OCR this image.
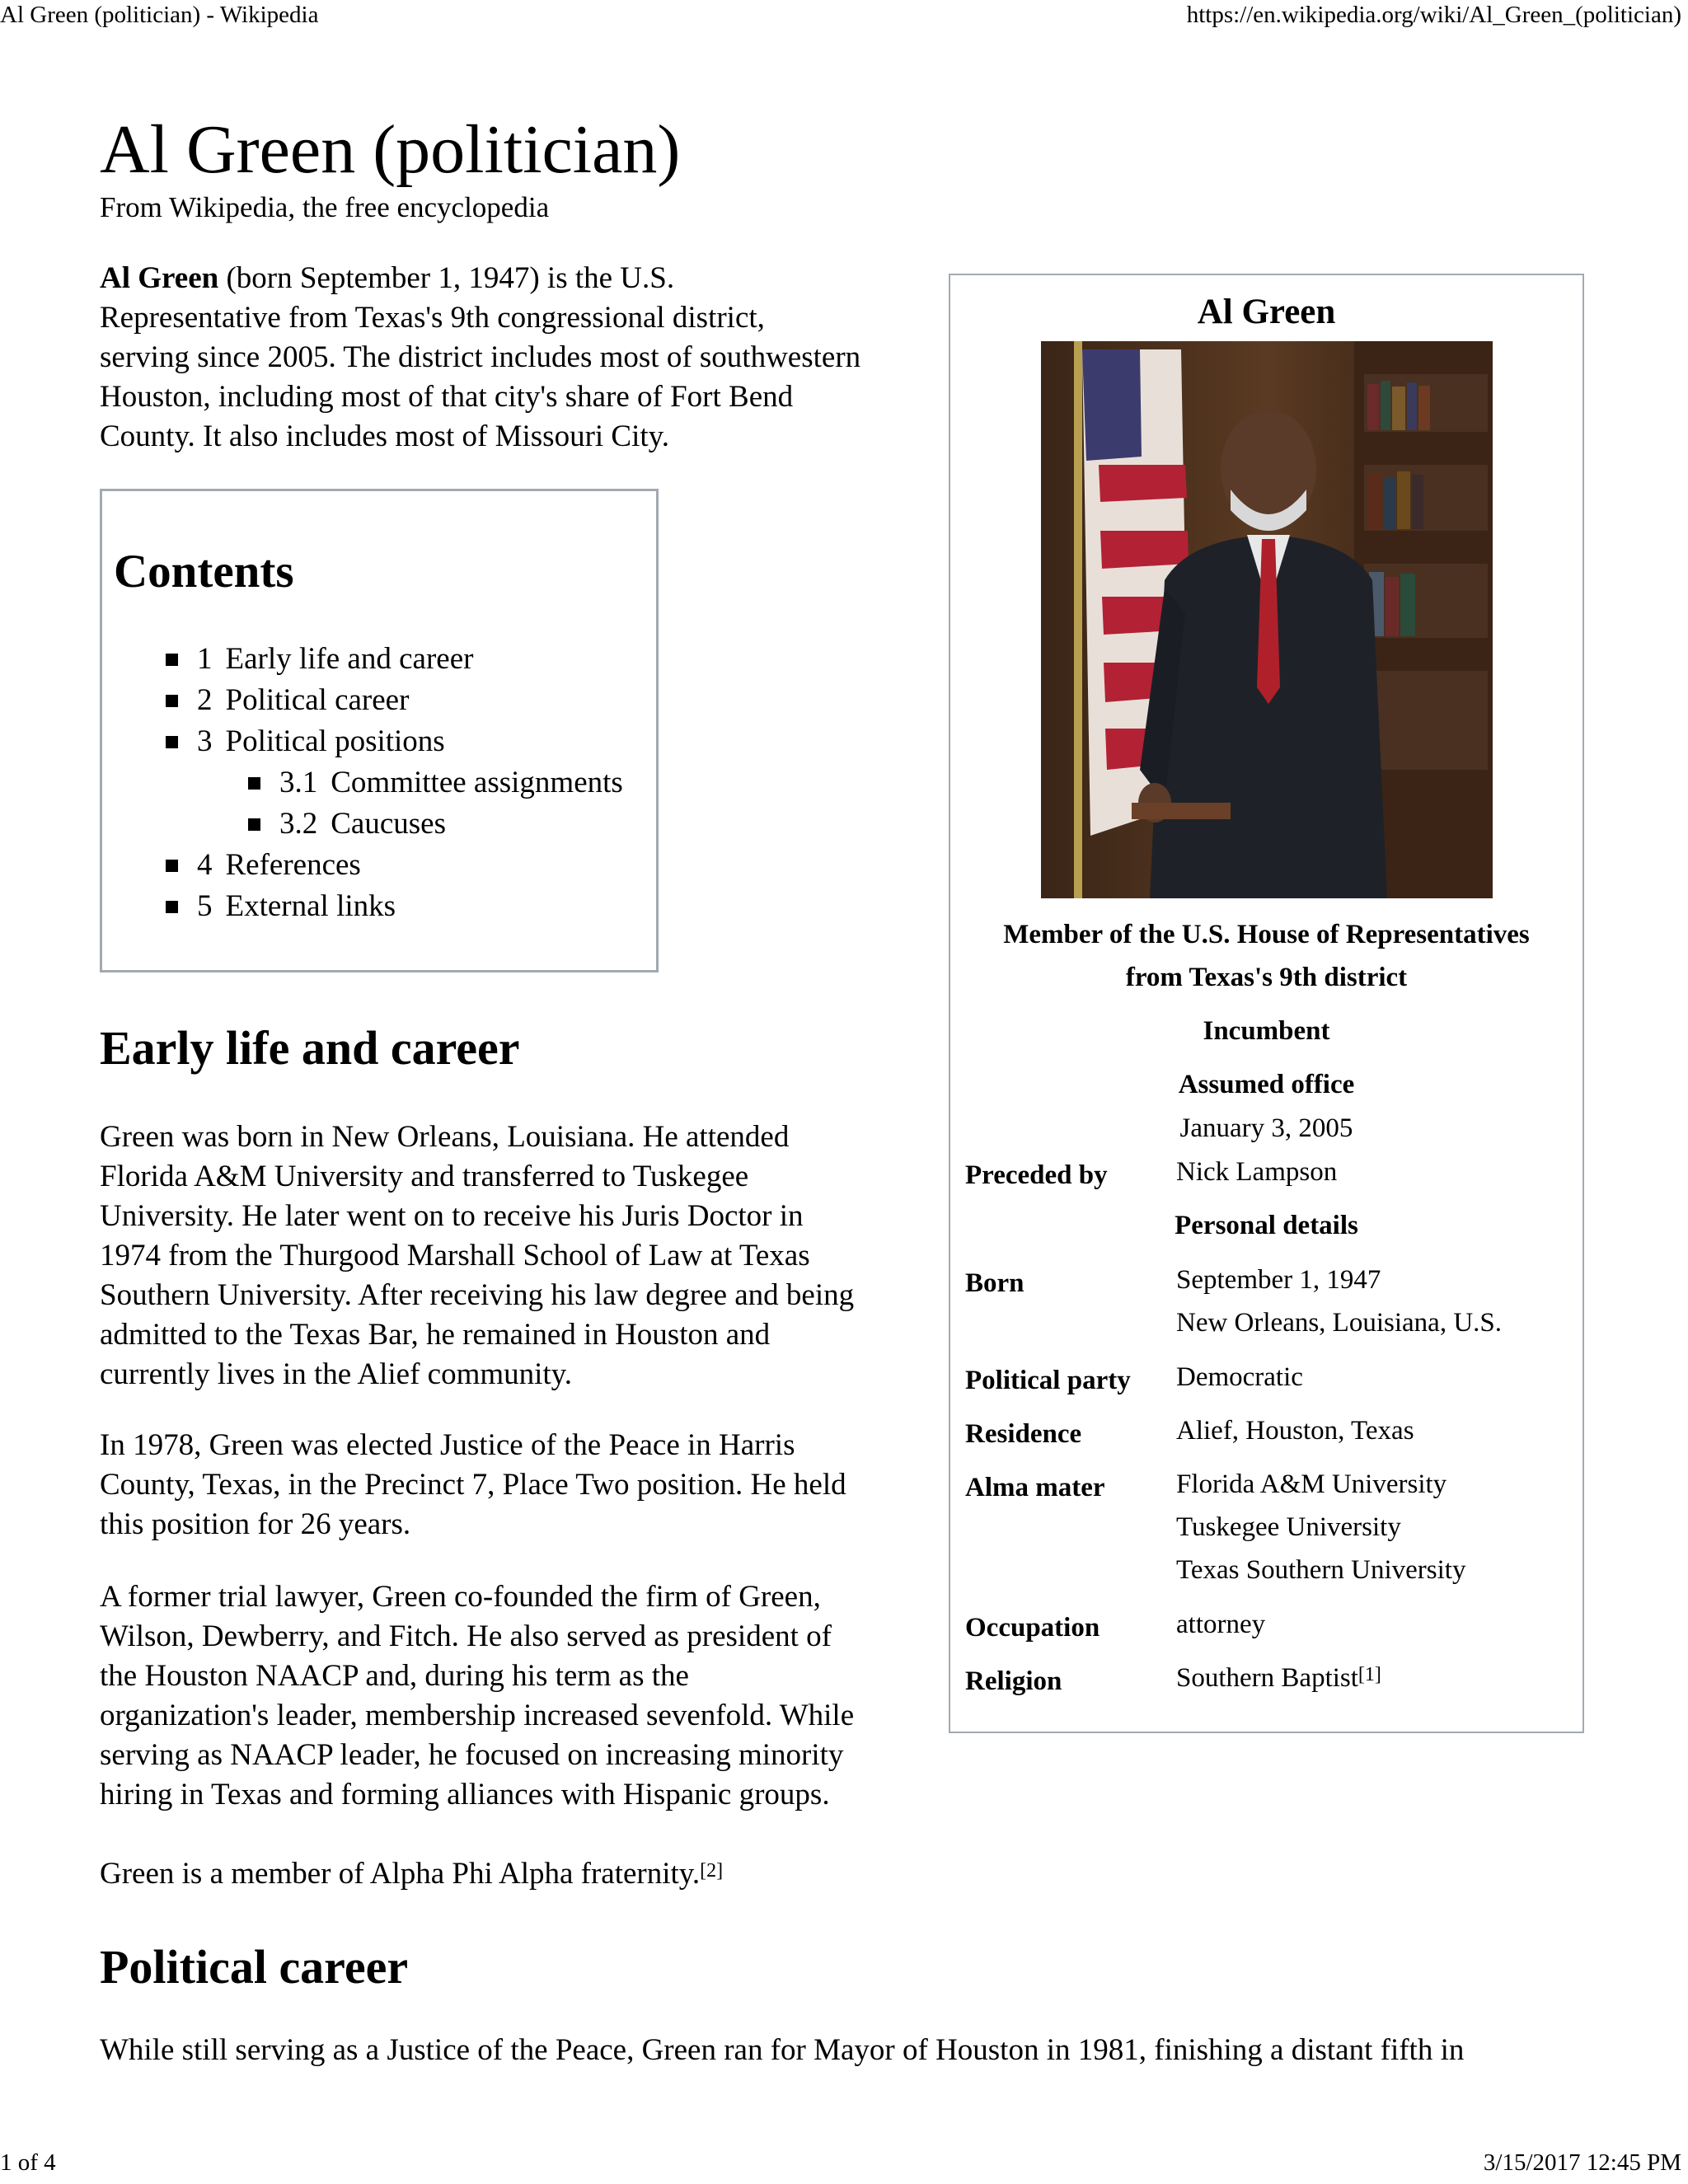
Al Green (politician) - Wikipedia	https://en.wikipedia.org/wiki/Al_Green_(politician)
1 of 4	3/15/2017 12:45 PM
Al Green (politician)
From Wikipedia, the free encyclopedia

Al Green (born September 1, 1947) is the U.S.
Representative from Texas's 9th congressional district,
serving since 2005. The district includes most of southwestern
Houston, including most of that city's share of Fort Bend
County. It also includes most of Missouri City.

Contents
1 Early life and career
2 Political career
3 Political positions
3.1 Committee assignments
3.2 Caucuses
4 References
5 External links
Early life and career

Green was born in New Orleans, Louisiana. He attended
Florida A&M University and transferred to Tuskegee
University. He later went on to receive his Juris Doctor in
1974 from the Thurgood Marshall School of Law at Texas
Southern University. After receiving his law degree and being
admitted to the Texas Bar, he remained in Houston and
currently lives in the Alief community.

In 1978, Green was elected Justice of the Peace in Harris
County, Texas, in the Precinct 7, Place Two position. He held
this position for 26 years.

A former trial lawyer, Green co-founded the firm of Green,
Wilson, Dewberry, and Fitch. He also served as president of
the Houston NAACP and, during his term as the
organization's leader, membership increased sevenfold. While
serving as NAACP leader, he focused on increasing minority
hiring in Texas and forming alliances with Hispanic groups.

Green is a member of Alpha Phi Alpha fraternity.[2]

Political career

While still serving as a Justice of the Peace, Green ran for Mayor of Houston in 1981, finishing a distant fifth in

Al Green
Member of the U.S. House of Representatives
from Texas's 9th district
Incumbent
Assumed office
January 3, 2005
Preceded by	Nick Lampson
Personal details
Born	September 1, 1947
New Orleans, Louisiana, U.S.
Political party Democratic
Residence	Alief, Houston, Texas
Alma mater	Florida A&M University
Tuskegee University
Texas Southern University
Occupation	attorney
Religion	Southern Baptist[1]
